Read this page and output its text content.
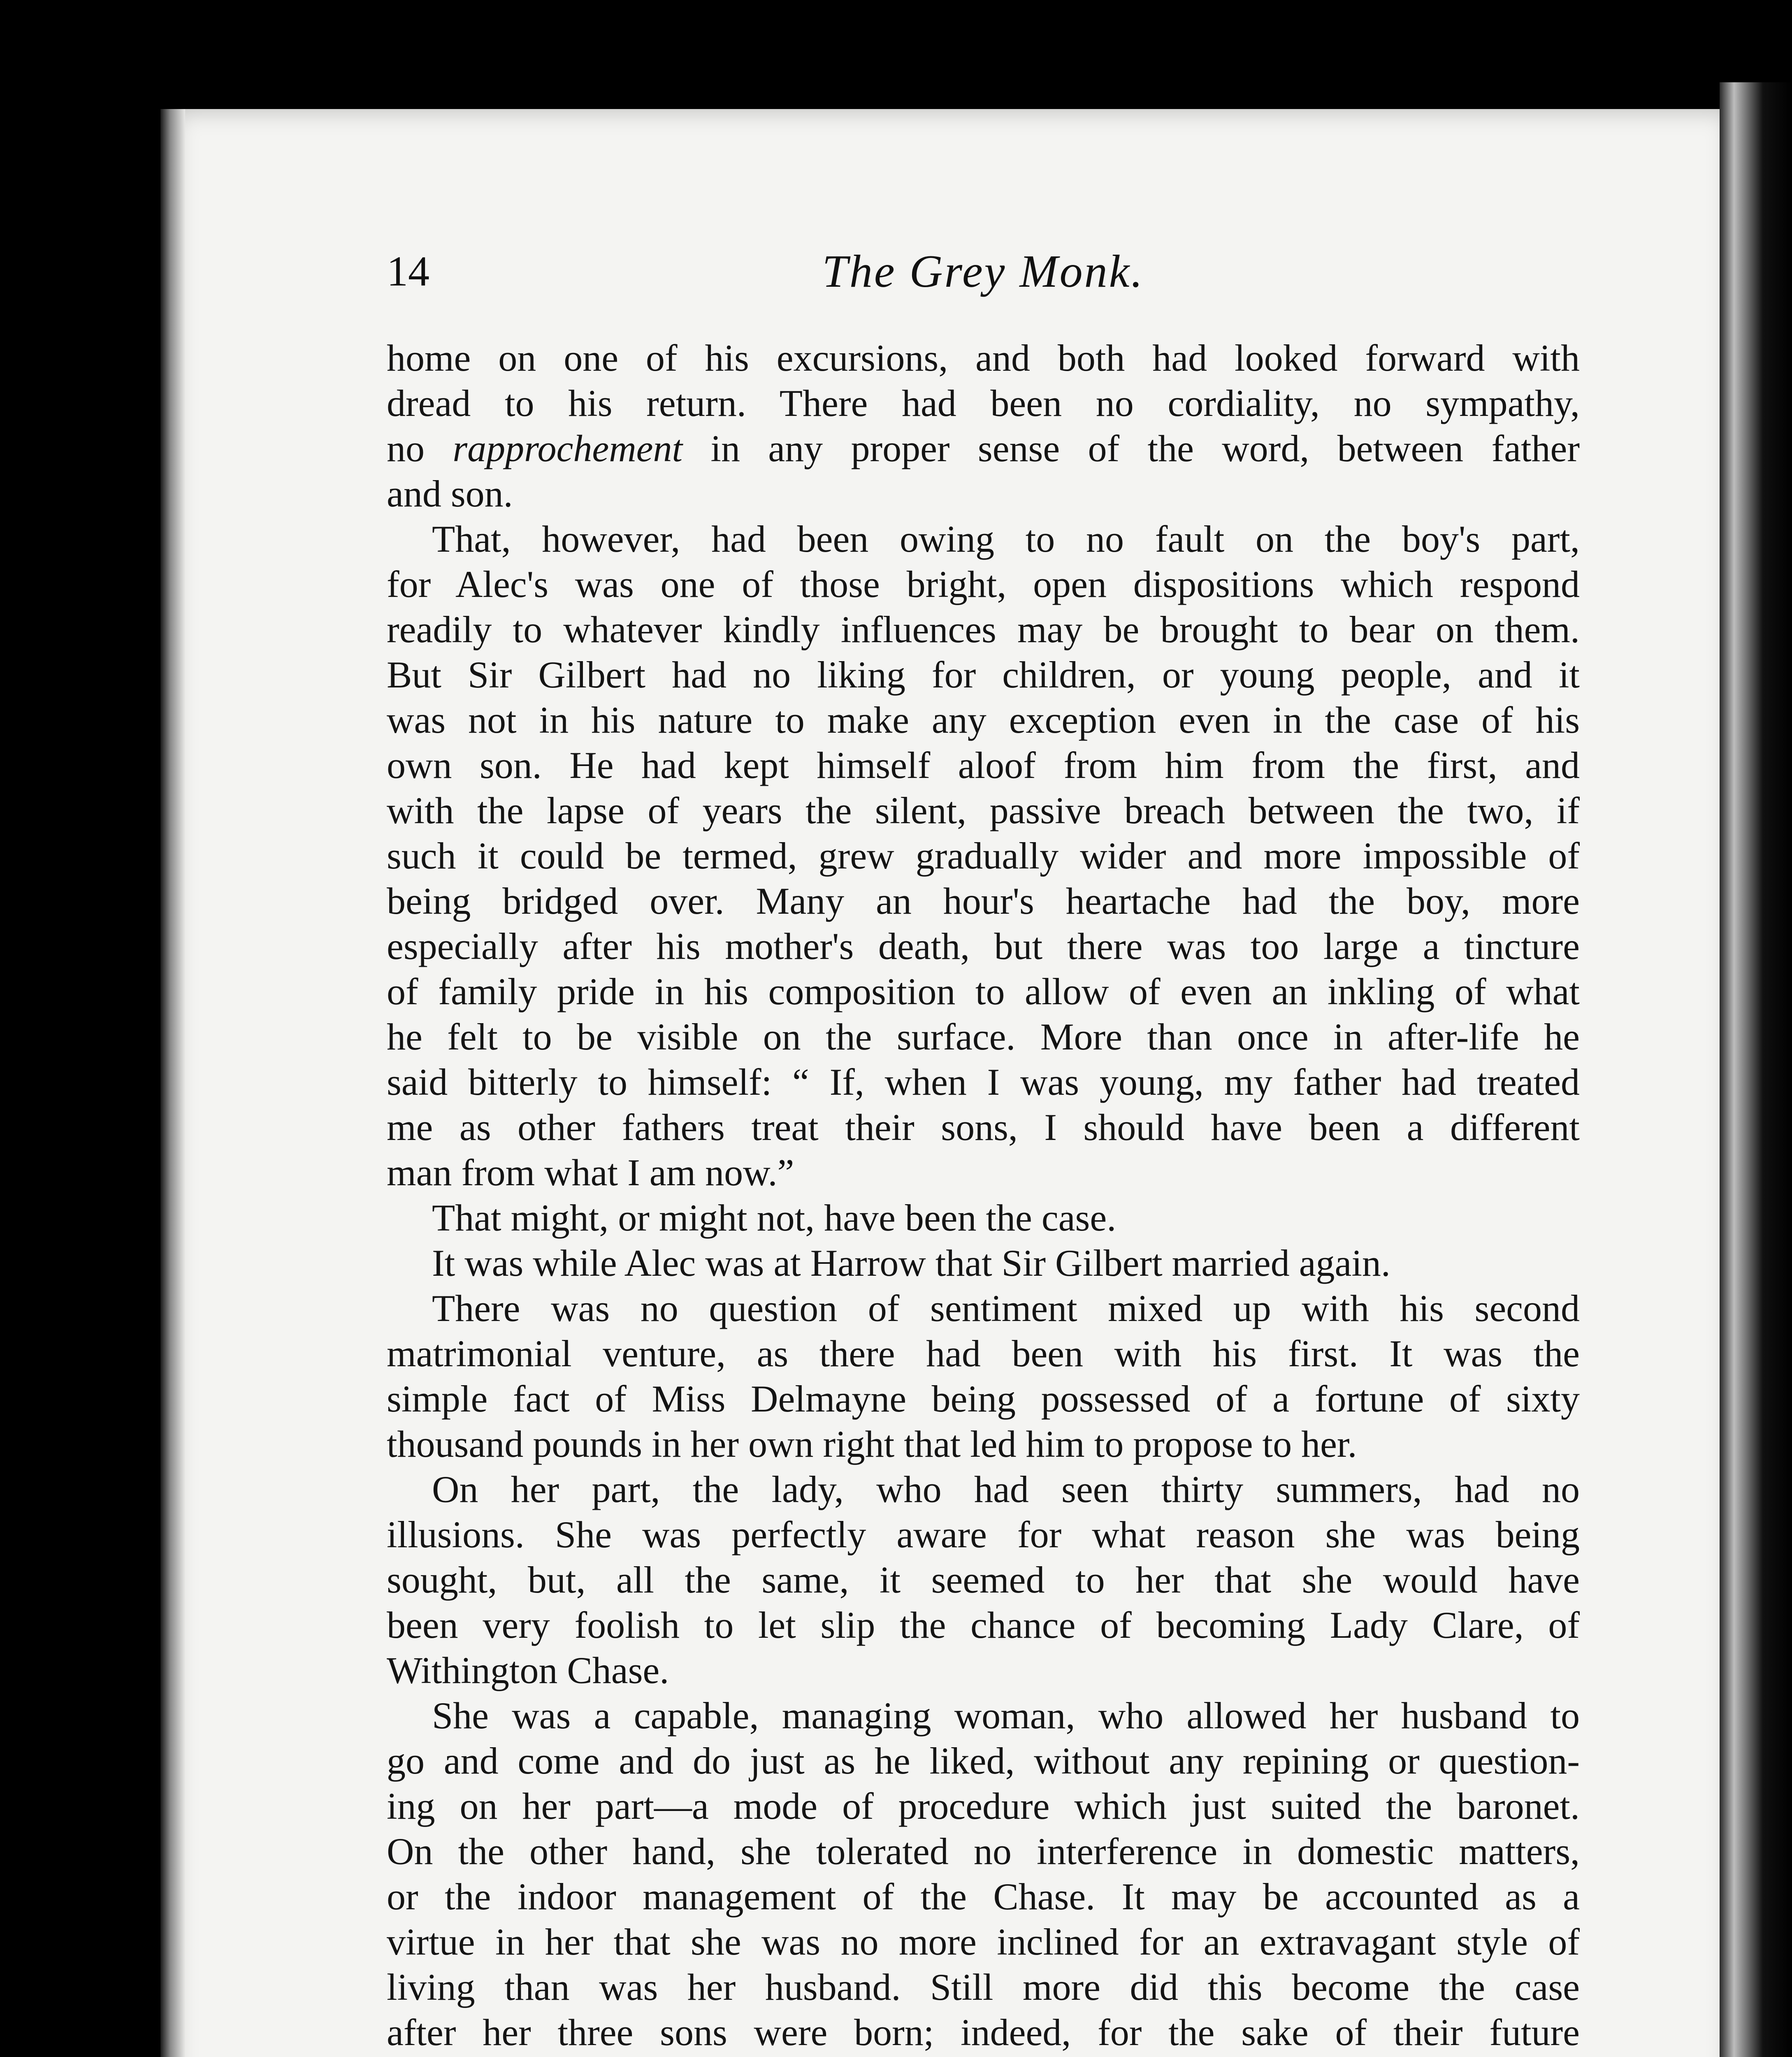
14	The Grey Monk.
home on one of his excursions, and both had looked forward with
dread to his return. There had been no cordiality, no sympathy,
no rapprochement in any proper sense of the word, between father
and son.
That, however, had been owing to no fault on the boy's part,
for Alec's was one of those bright, open dispositions which respond
readily to whatever kindly influences may be brought to bear on them.
But Sir Gilbert had no liking for children, or young people, and it
was not in his nature to make any exception even in the case of his
own son. He had kept himself aloof from him from the first, and
with the lapse of years the silent, passive breach between the two, if
such it could be termed, grew gradually wider and more impossible of
being bridged over. Many an hour's heartache had the boy, more
especially after his mother's death, but there was too large a tincture
of family pride in his composition to allow of even an inkling of what
he felt to be visible on the surface. More than once in after-life he
said bitterly to himself: “ If, when I was young, my father had treated
me as other fathers treat their sons, I should have been a different
man from what I am now.”
That might, or might not, have been the case.
It was while Alec was at Harrow that Sir Gilbert married again.
There was no question of sentiment mixed up with his second
matrimonial venture, as there had been with his first. It was the
simple fact of Miss Delmayne being possessed of a fortune of sixty
thousand pounds in her own right that led him to propose to her.
On her part, the lady, who had seen thirty summers, had no
illusions. She was perfectly aware for what reason she was being
sought, but, all the same, it seemed to her that she would have
been very foolish to let slip the chance of becoming Lady Clare, of
Withington Chase.
She was a capable, managing woman, who allowed her husband to
go and come and do just as he liked, without any repining or question-
ing on her part—a mode of procedure which just suited the baronet.
On the other hand, she tolerated no interference in domestic matters,
or the indoor management of the Chase. It may be accounted as a
virtue in her that she was no more inclined for an extravagant style of
living than was her husband. Still more did this become the case
after her three sons were born; indeed, for the sake of their future
